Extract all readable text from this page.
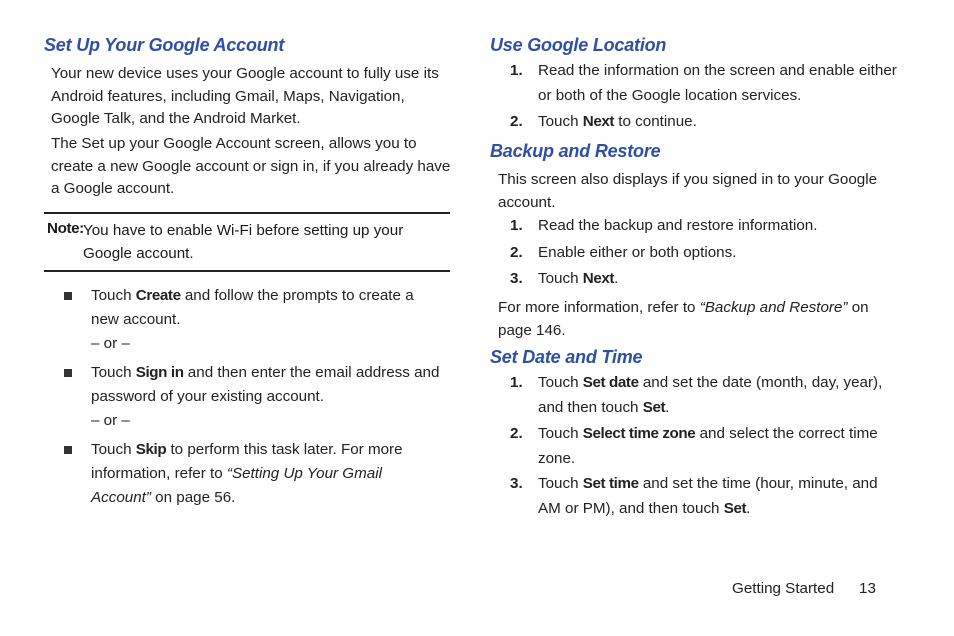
Set Up Your Google Account

Your new device uses your Google account to fully use its Android features, including Gmail, Maps, Navigation, Google Talk, and the Android Market.

The Set up your Google Account screen, allows you to create a new Google account or sign in, if you already have a Google account.

Note: You have to enable Wi-Fi before setting up your Google account.

Touch Create and follow the prompts to create a new account.

– or –

Touch Sign in and then enter the email address and password of your existing account.

– or –

Touch Skip to perform this task later. For more information, refer to “Setting Up Your Gmail Account” on page 56.

Use Google Location

1. Read the information on the screen and enable either or both of the Google location services.

2. Touch Next to continue.

Backup and Restore

This screen also displays if you signed in to your Google account.

1. Read the backup and restore information.

2. Enable either or both options.

3. Touch Next.

For more information, refer to “Backup and Restore” on page 146.

Set Date and Time

1. Touch Set date and set the date (month, day, year), and then touch Set.

2. Touch Select time zone and select the correct time zone.

3. Touch Set time and set the time (hour, minute, and AM or PM), and then touch Set.

Getting Started 13
